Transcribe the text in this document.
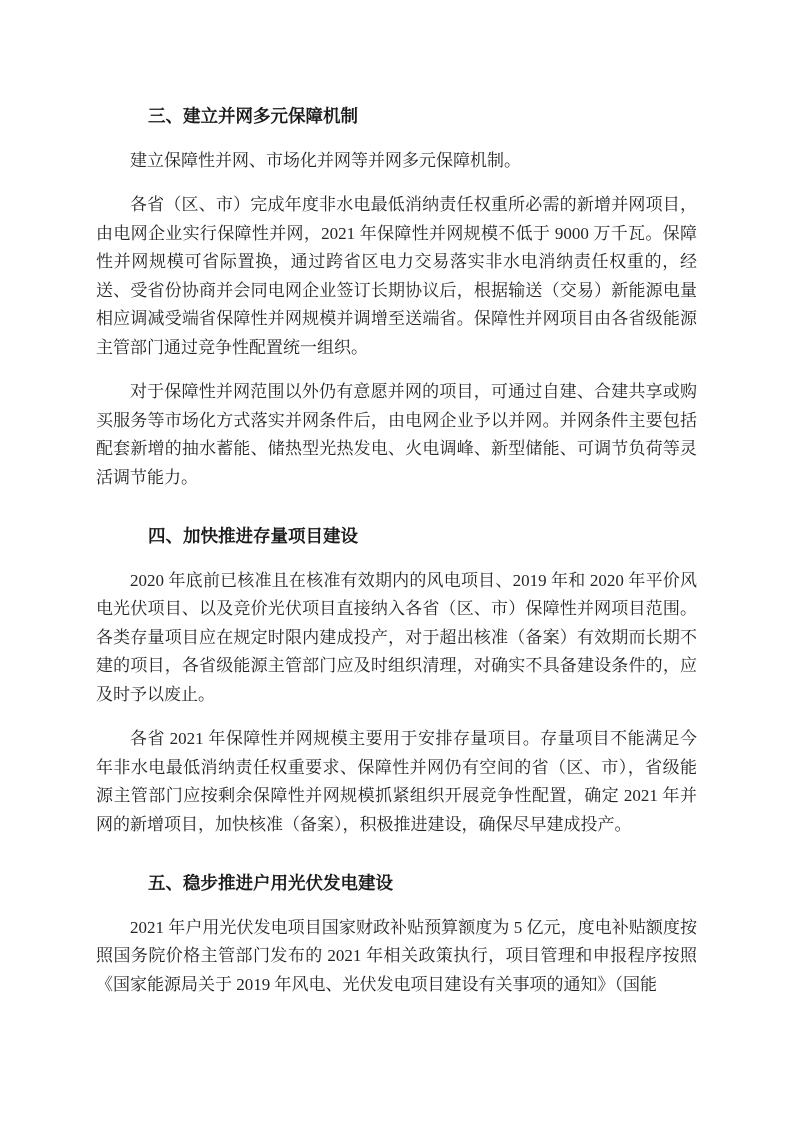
三、建立并网多元保障机制

建立保障性并网、市场化并网等并网多元保障机制。

各省（区、市）完成年度非水电最低消纳责任权重所必需的新增并网项目，由电网企业实行保障性并网，2021 年保障性并网规模不低于 9000 万千瓦。保障性并网规模可省际置换，通过跨省区电力交易落实非水电消纳责任权重的，经送、受省份协商并会同电网企业签订长期协议后，根据输送（交易）新能源电量相应调减受端省保障性并网规模并调增至送端省。保障性并网项目由各省级能源主管部门通过竞争性配置统一组织。

对于保障性并网范围以外仍有意愿并网的项目，可通过自建、合建共享或购买服务等市场化方式落实并网条件后，由电网企业予以并网。并网条件主要包括配套新增的抽水蓄能、储热型光热发电、火电调峰、新型储能、可调节负荷等灵活调节能力。

四、加快推进存量项目建设

2020 年底前已核准且在核准有效期内的风电项目、2019 年和 2020 年平价风电光伏项目、以及竞价光伏项目直接纳入各省（区、市）保障性并网项目范围。各类存量项目应在规定时限内建成投产，对于超出核准（备案）有效期而长期不建的项目，各省级能源主管部门应及时组织清理，对确实不具备建设条件的，应及时予以废止。

各省 2021 年保障性并网规模主要用于安排存量项目。存量项目不能满足今年非水电最低消纳责任权重要求、保障性并网仍有空间的省（区、市），省级能源主管部门应按剩余保障性并网规模抓紧组织开展竞争性配置，确定 2021 年并网的新增项目，加快核准（备案），积极推进建设，确保尽早建成投产。

五、稳步推进户用光伏发电建设

2021 年户用光伏发电项目国家财政补贴预算额度为 5 亿元，度电补贴额度按照国务院价格主管部门发布的 2021 年相关政策执行，项目管理和申报程序按照《国家能源局关于 2019 年风电、光伏发电项目建设有关事项的通知》（国能
